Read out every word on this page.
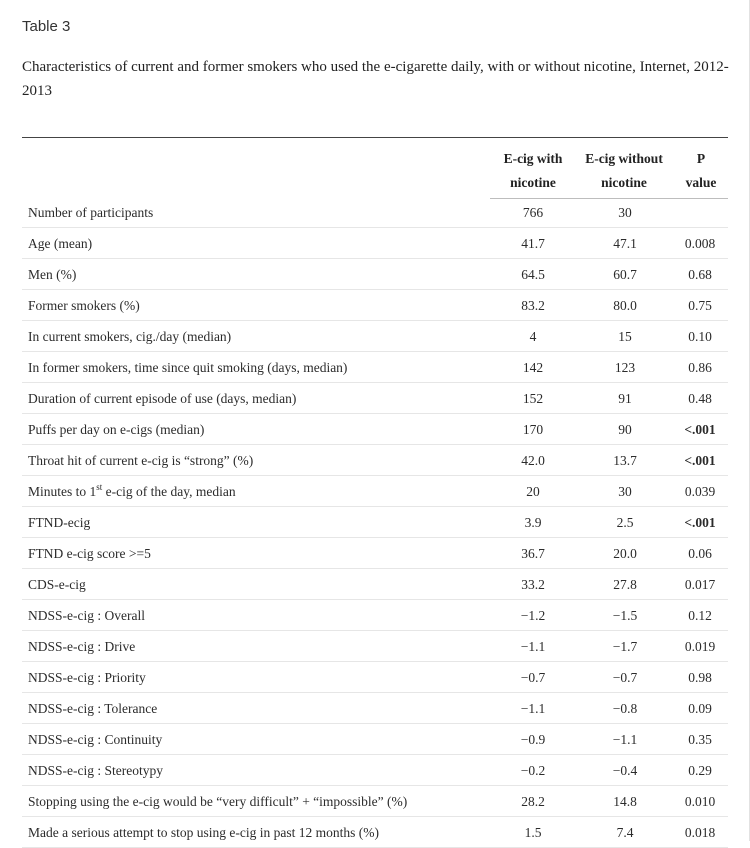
Table 3
Characteristics of current and former smokers who used the e-cigarette daily, with or without nicotine, Internet, 2012-2013
E-cig with
nicotine
E-cig without
nicotine
P
value
Number of participants	766	30
Age (mean)	41.7	47.1	0.008
Men (%)	64.5	60.7	0.68
Former smokers (%)	83.2	80.0	0.75
In current smokers, cig./day (median)	4	15	0.10
In former smokers, time since quit smoking (days, median)	142	123	0.86
Duration of current episode of use (days, median)	152	91	0.48
Puffs per day on e-cigs (median)	170	90	<.001
Throat hit of current e-cig is “strong” (%)	42.0	13.7	<.001
Minutes to 1st e-cig of the day, median	20	30	0.039
FTND-ecig	3.9	2.5	<.001
FTND e-cig score >=5	36.7	20.0	0.06
CDS-e-cig	33.2	27.8	0.017
NDSS-e-cig : Overall	−1.2	−1.5	0.12
NDSS-e-cig : Drive	−1.1	−1.7	0.019
NDSS-e-cig : Priority	−0.7	−0.7	0.98
NDSS-e-cig : Tolerance	−1.1	−0.8	0.09
NDSS-e-cig : Continuity	−0.9	−1.1	0.35
NDSS-e-cig : Stereotypy	−0.2	−0.4	0.29
Stopping using the e-cig would be “very difficult” + “impossible” (%)	28.2	14.8	0.010
Made a serious attempt to stop using e-cig in past 12 months (%)	1.5	7.4	0.018
